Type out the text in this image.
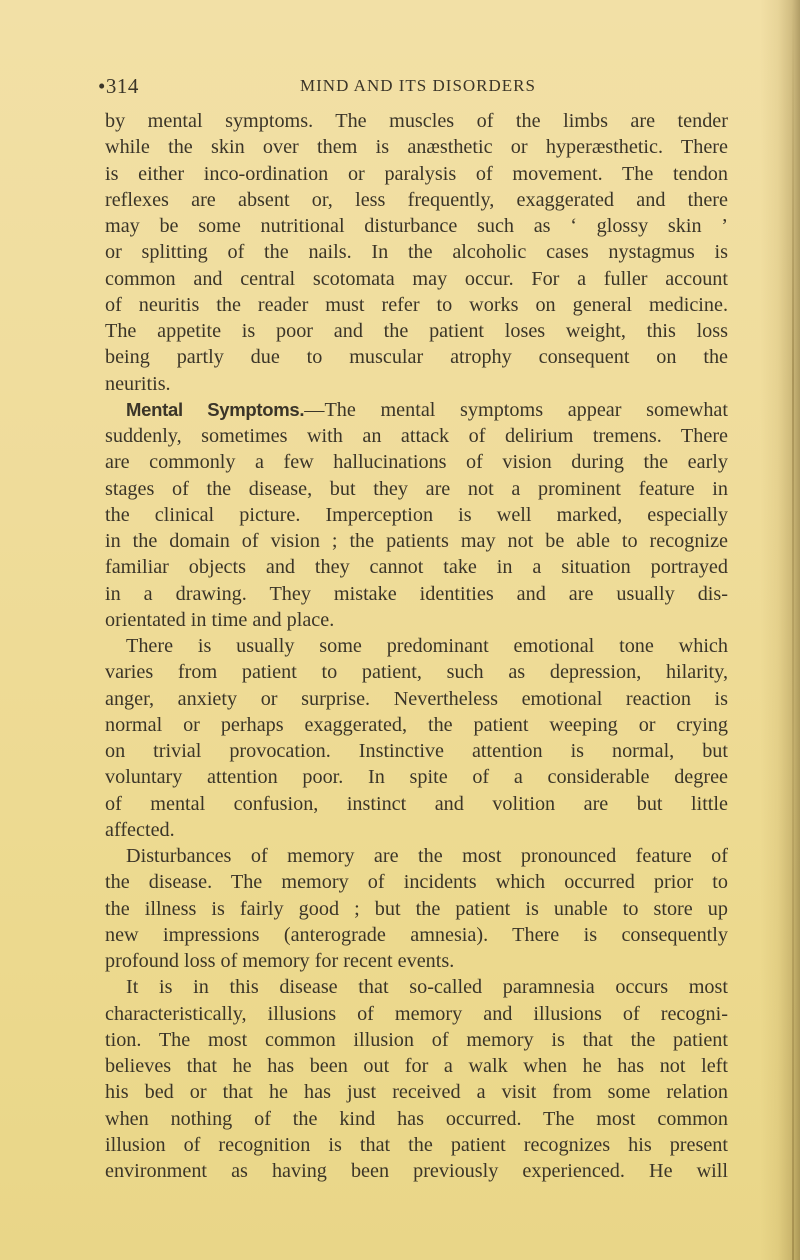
•314	MIND AND ITS DISORDERS
by mental symptoms. The muscles of the limbs are tender
while the skin over them is anæsthetic or hyperæsthetic. There
is either inco-ordination or paralysis of movement. The tendon
reflexes are absent or, less frequently, exaggerated and there
may be some nutritional disturbance such as ‘ glossy skin ’
or splitting of the nails. In the alcoholic cases nystagmus is
common and central scotomata may occur. For a fuller account
of neuritis the reader must refer to works on general medicine.
The appetite is poor and the patient loses weight, this loss
being partly due to muscular atrophy consequent on the
neuritis.
Mental Symptoms.—The mental symptoms appear somewhat
suddenly, sometimes with an attack of delirium tremens. There
are commonly a few hallucinations of vision during the early
stages of the disease, but they are not a prominent feature in
the clinical picture. Imperception is well marked, especially
in the domain of vision ; the patients may not be able to recognize
familiar objects and they cannot take in a situation portrayed
in a drawing. They mistake identities and are usually dis-
orientated in time and place.
There is usually some predominant emotional tone which
varies from patient to patient, such as depression, hilarity,
anger, anxiety or surprise. Nevertheless emotional reaction is
normal or perhaps exaggerated, the patient weeping or crying
on trivial provocation. Instinctive attention is normal, but
voluntary attention poor. In spite of a considerable degree
of mental confusion, instinct and volition are but little
affected.
Disturbances of memory are the most pronounced feature of
the disease. The memory of incidents which occurred prior to
the illness is fairly good ; but the patient is unable to store up
new impressions (anterograde amnesia). There is consequently
profound loss of memory for recent events.
It is in this disease that so-called paramnesia occurs most
characteristically, illusions of memory and illusions of recogni-
tion. The most common illusion of memory is that the patient
believes that he has been out for a walk when he has not left
his bed or that he has just received a visit from some relation
when nothing of the kind has occurred. The most common
illusion of recognition is that the patient recognizes his present
environment as having been previously experienced. He will
